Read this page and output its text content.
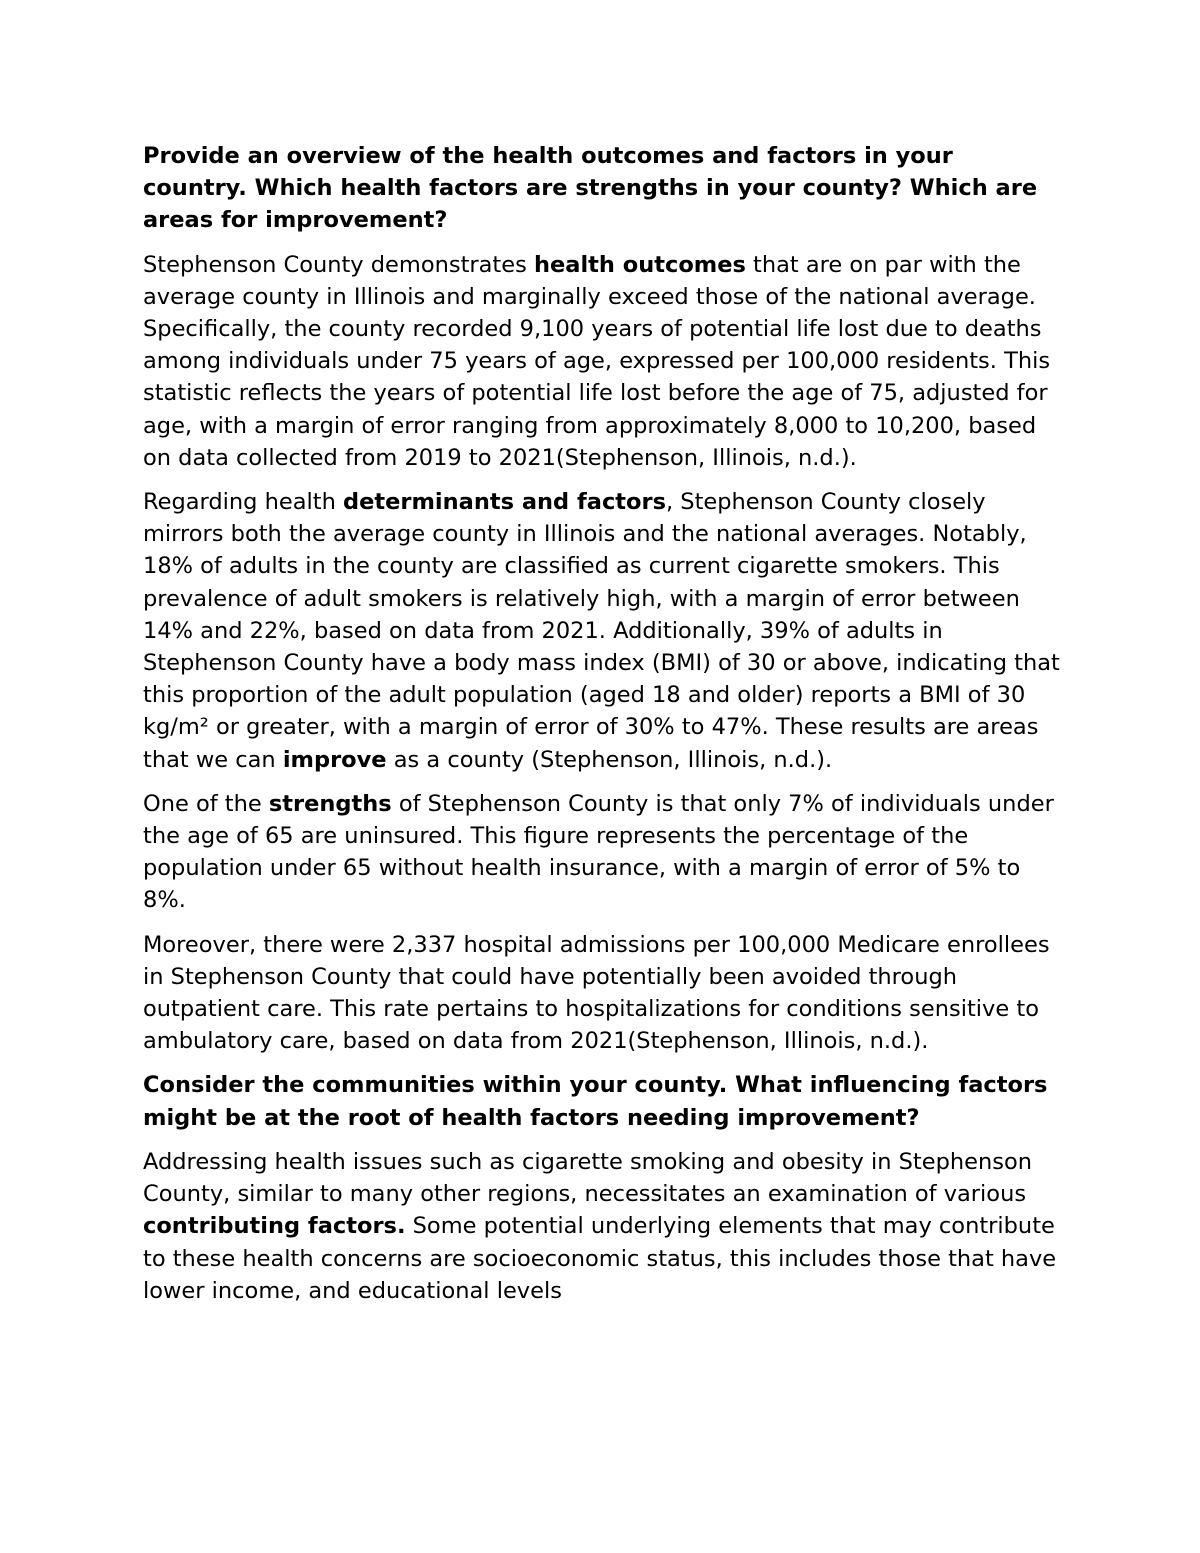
Provide an overview of the health outcomes and factors in your country. Which health factors are strengths in your county? Which are areas for improvement?

Stephenson County demonstrates health outcomes that are on par with the average county in Illinois and marginally exceed those of the national average. Specifically, the county recorded 9,100 years of potential life lost due to deaths among individuals under 75 years of age, expressed per 100,000 residents. This statistic reflects the years of potential life lost before the age of 75, adjusted for age, with a margin of error ranging from approximately 8,000 to 10,200, based on data collected from 2019 to 2021(Stephenson, Illinois, n.d.).

Regarding health determinants and factors, Stephenson County closely mirrors both the average county in Illinois and the national averages. Notably, 18% of adults in the county are classified as current cigarette smokers. This prevalence of adult smokers is relatively high, with a margin of error between 14% and 22%, based on data from 2021. Additionally, 39% of adults in Stephenson County have a body mass index (BMI) of 30 or above, indicating that this proportion of the adult population (aged 18 and older) reports a BMI of 30 kg/m² or greater, with a margin of error of 30% to 47%. These results are areas that we can improve as a county (Stephenson, Illinois, n.d.).

One of the strengths of Stephenson County is that only 7% of individuals under the age of 65 are uninsured. This figure represents the percentage of the population under 65 without health insurance, with a margin of error of 5% to 8%.

Moreover, there were 2,337 hospital admissions per 100,000 Medicare enrollees in Stephenson County that could have potentially been avoided through outpatient care. This rate pertains to hospitalizations for conditions sensitive to ambulatory care, based on data from 2021(Stephenson, Illinois, n.d.).

Consider the communities within your county. What influencing factors might be at the root of health factors needing improvement?

Addressing health issues such as cigarette smoking and obesity in Stephenson County, similar to many other regions, necessitates an examination of various contributing factors. Some potential underlying elements that may contribute to these health concerns are socioeconomic status, this includes those that have lower income, and educational levels
